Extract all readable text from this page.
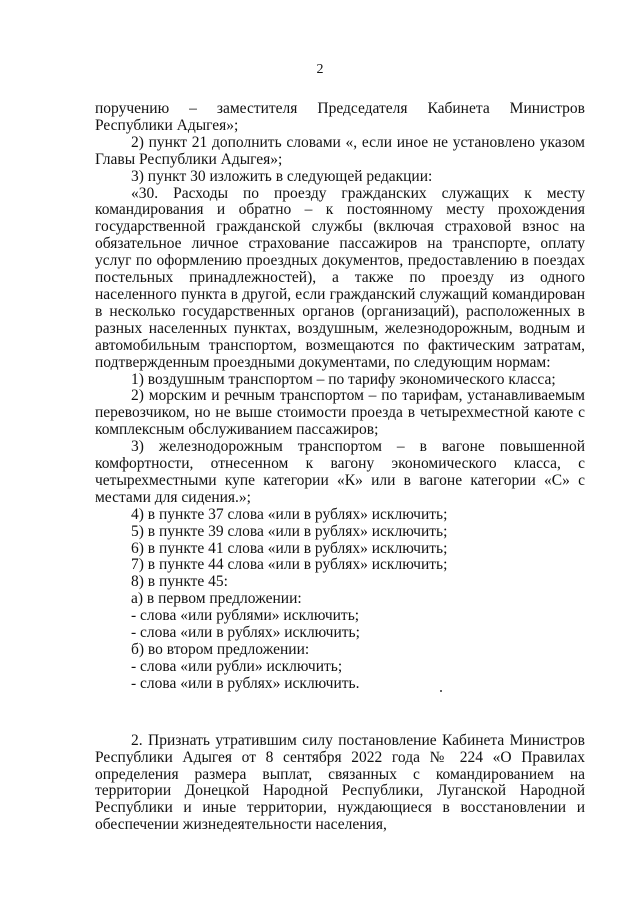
2

поручению – заместителя Председателя Кабинета Министров Республики Адыгея»;

2) пункт 21 дополнить словами «, если иное не установлено указом Главы Республики Адыгея»;

3) пункт 30 изложить в следующей редакции:

«30. Расходы по проезду гражданских служащих к месту командирования и обратно – к постоянному месту прохождения государственной гражданской службы (включая страховой взнос на обязательное личное страхование пассажиров на транспорте, оплату услуг по оформлению проездных документов, предоставлению в поездах постельных принадлежностей), а также по проезду из одного населенного пункта в другой, если гражданский служащий командирован в несколько государственных органов (организаций), расположенных в разных населенных пунктах, воздушным, железнодорожным, водным и автомобильным транспортом, возмещаются по фактическим затратам, подтвержденным проездными документами, по следующим нормам:

1) воздушным транспортом – по тарифу экономического класса;

2) морским и речным транспортом – по тарифам, устанавливаемым перевозчиком, но не выше стоимости проезда в четырехместной каюте с комплексным обслуживанием пассажиров;

3) железнодорожным транспортом – в вагоне повышенной комфортности, отнесенном к вагону экономического класса, с четырехместными купе категории «К» или в вагоне категории «С» с местами для сидения.»;

4) в пункте 37 слова «или в рублях» исключить;

5) в пункте 39 слова «или в рублях» исключить;

6) в пункте 41 слова «или в рублях» исключить;

7) в пункте 44 слова «или в рублях» исключить;

8) в пункте 45:

а) в первом предложении:

- слова «или рублями» исключить;

- слова «или в рублях» исключить;

б) во втором предложении:

- слова «или рубли» исключить;

- слова «или в рублях» исключить.

2. Признать утратившим силу постановление Кабинета Министров Республики Адыгея от 8 сентября 2022 года № 224 «О Правилах определения размера выплат, связанных с командированием на территории Донецкой Народной Республики, Луганской Народной Республики и иные территории, нуждающиеся в восстановлении и обеспечении жизнедеятельности населения,
